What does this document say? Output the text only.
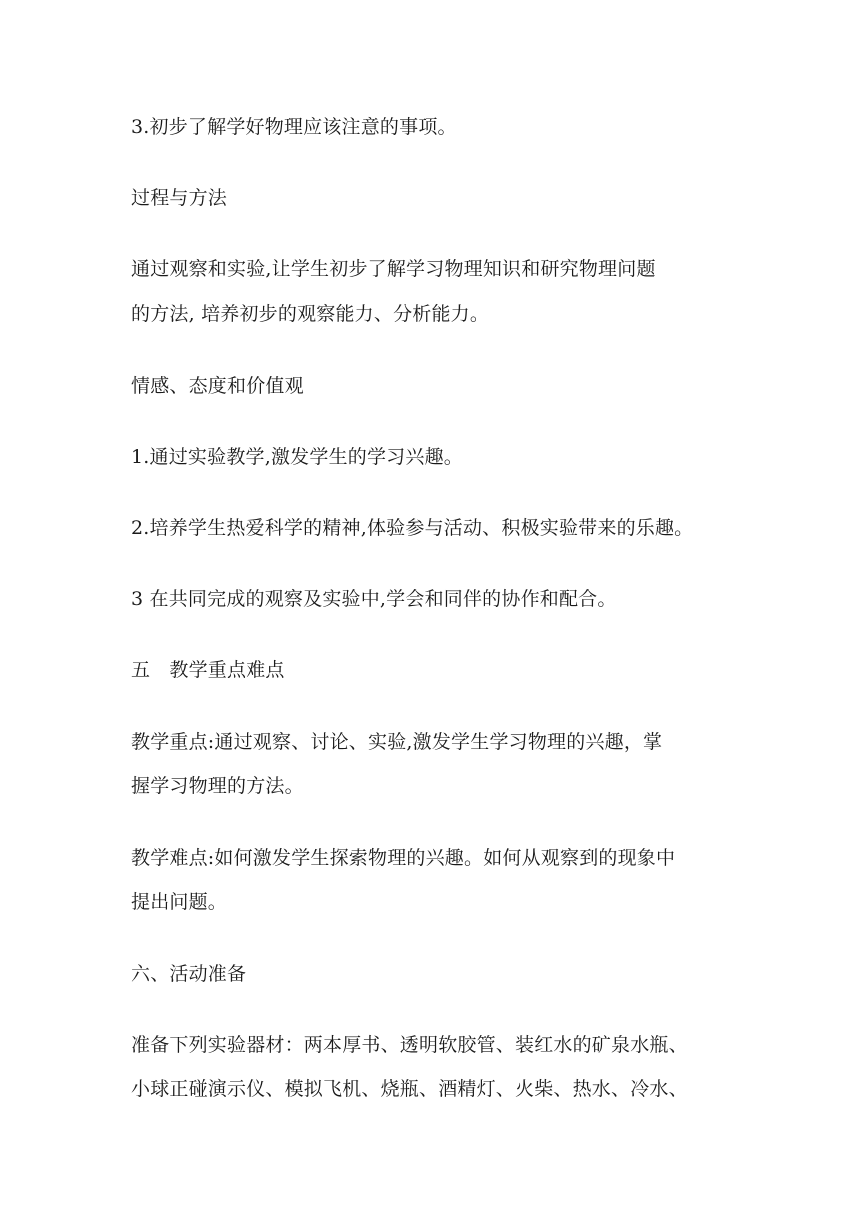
3.初步了解学好物理应该注意的事项。
过程与方法
通过观察和实验,让学生初步了解学习物理知识和研究物理问题
的方法, 培养初步的观察能力、分析能力。
情感、态度和价值观
1.通过实验教学,激发学生的学习兴趣。
2.培养学生热爱科学的精神,体验参与活动、积极实验带来的乐趣。
3 在共同完成的观察及实验中,学会和同伴的协作和配合。
五　教学重点难点
教学重点:通过观察、讨论、实验,激发学生学习物理的兴趣，掌
握学习物理的方法。
教学难点:如何激发学生探索物理的兴趣。如何从观察到的现象中
提出问题。
六、活动准备
准备下列实验器材：两本厚书、透明软胶管、装红水的矿泉水瓶、
小球正碰演示仪、模拟飞机、烧瓶、酒精灯、火柴、热水、冷水、
